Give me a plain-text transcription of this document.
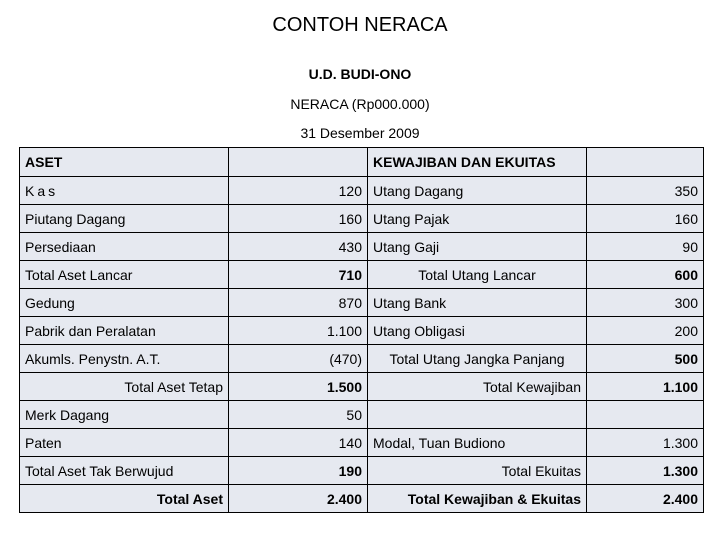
CONTOH NERACA
U.D. BUDI-ONO
NERACA (Rp000.000)
31 Desember 2009
ASET		KEWAJIBAN DAN EKUITAS	
Kas	120	Utang Dagang	350
Piutang Dagang	160	Utang Pajak	160
Persediaan	430	Utang Gaji	90
Total Aset Lancar	710	Total Utang Lancar	600
Gedung	870	Utang Bank	300
Pabrik dan Peralatan	1.100	Utang Obligasi	200
Akumls. Penystn. A.T.	(470)	Total Utang Jangka Panjang	500
Total Aset Tetap	1.500	Total Kewajiban	1.100
Merk Dagang	50		
Paten	140	Modal, Tuan Budiono	1.300
Total Aset Tak Berwujud	190	Total Ekuitas	1.300
Total Aset	2.400	Total Kewajiban & Ekuitas	2.400
